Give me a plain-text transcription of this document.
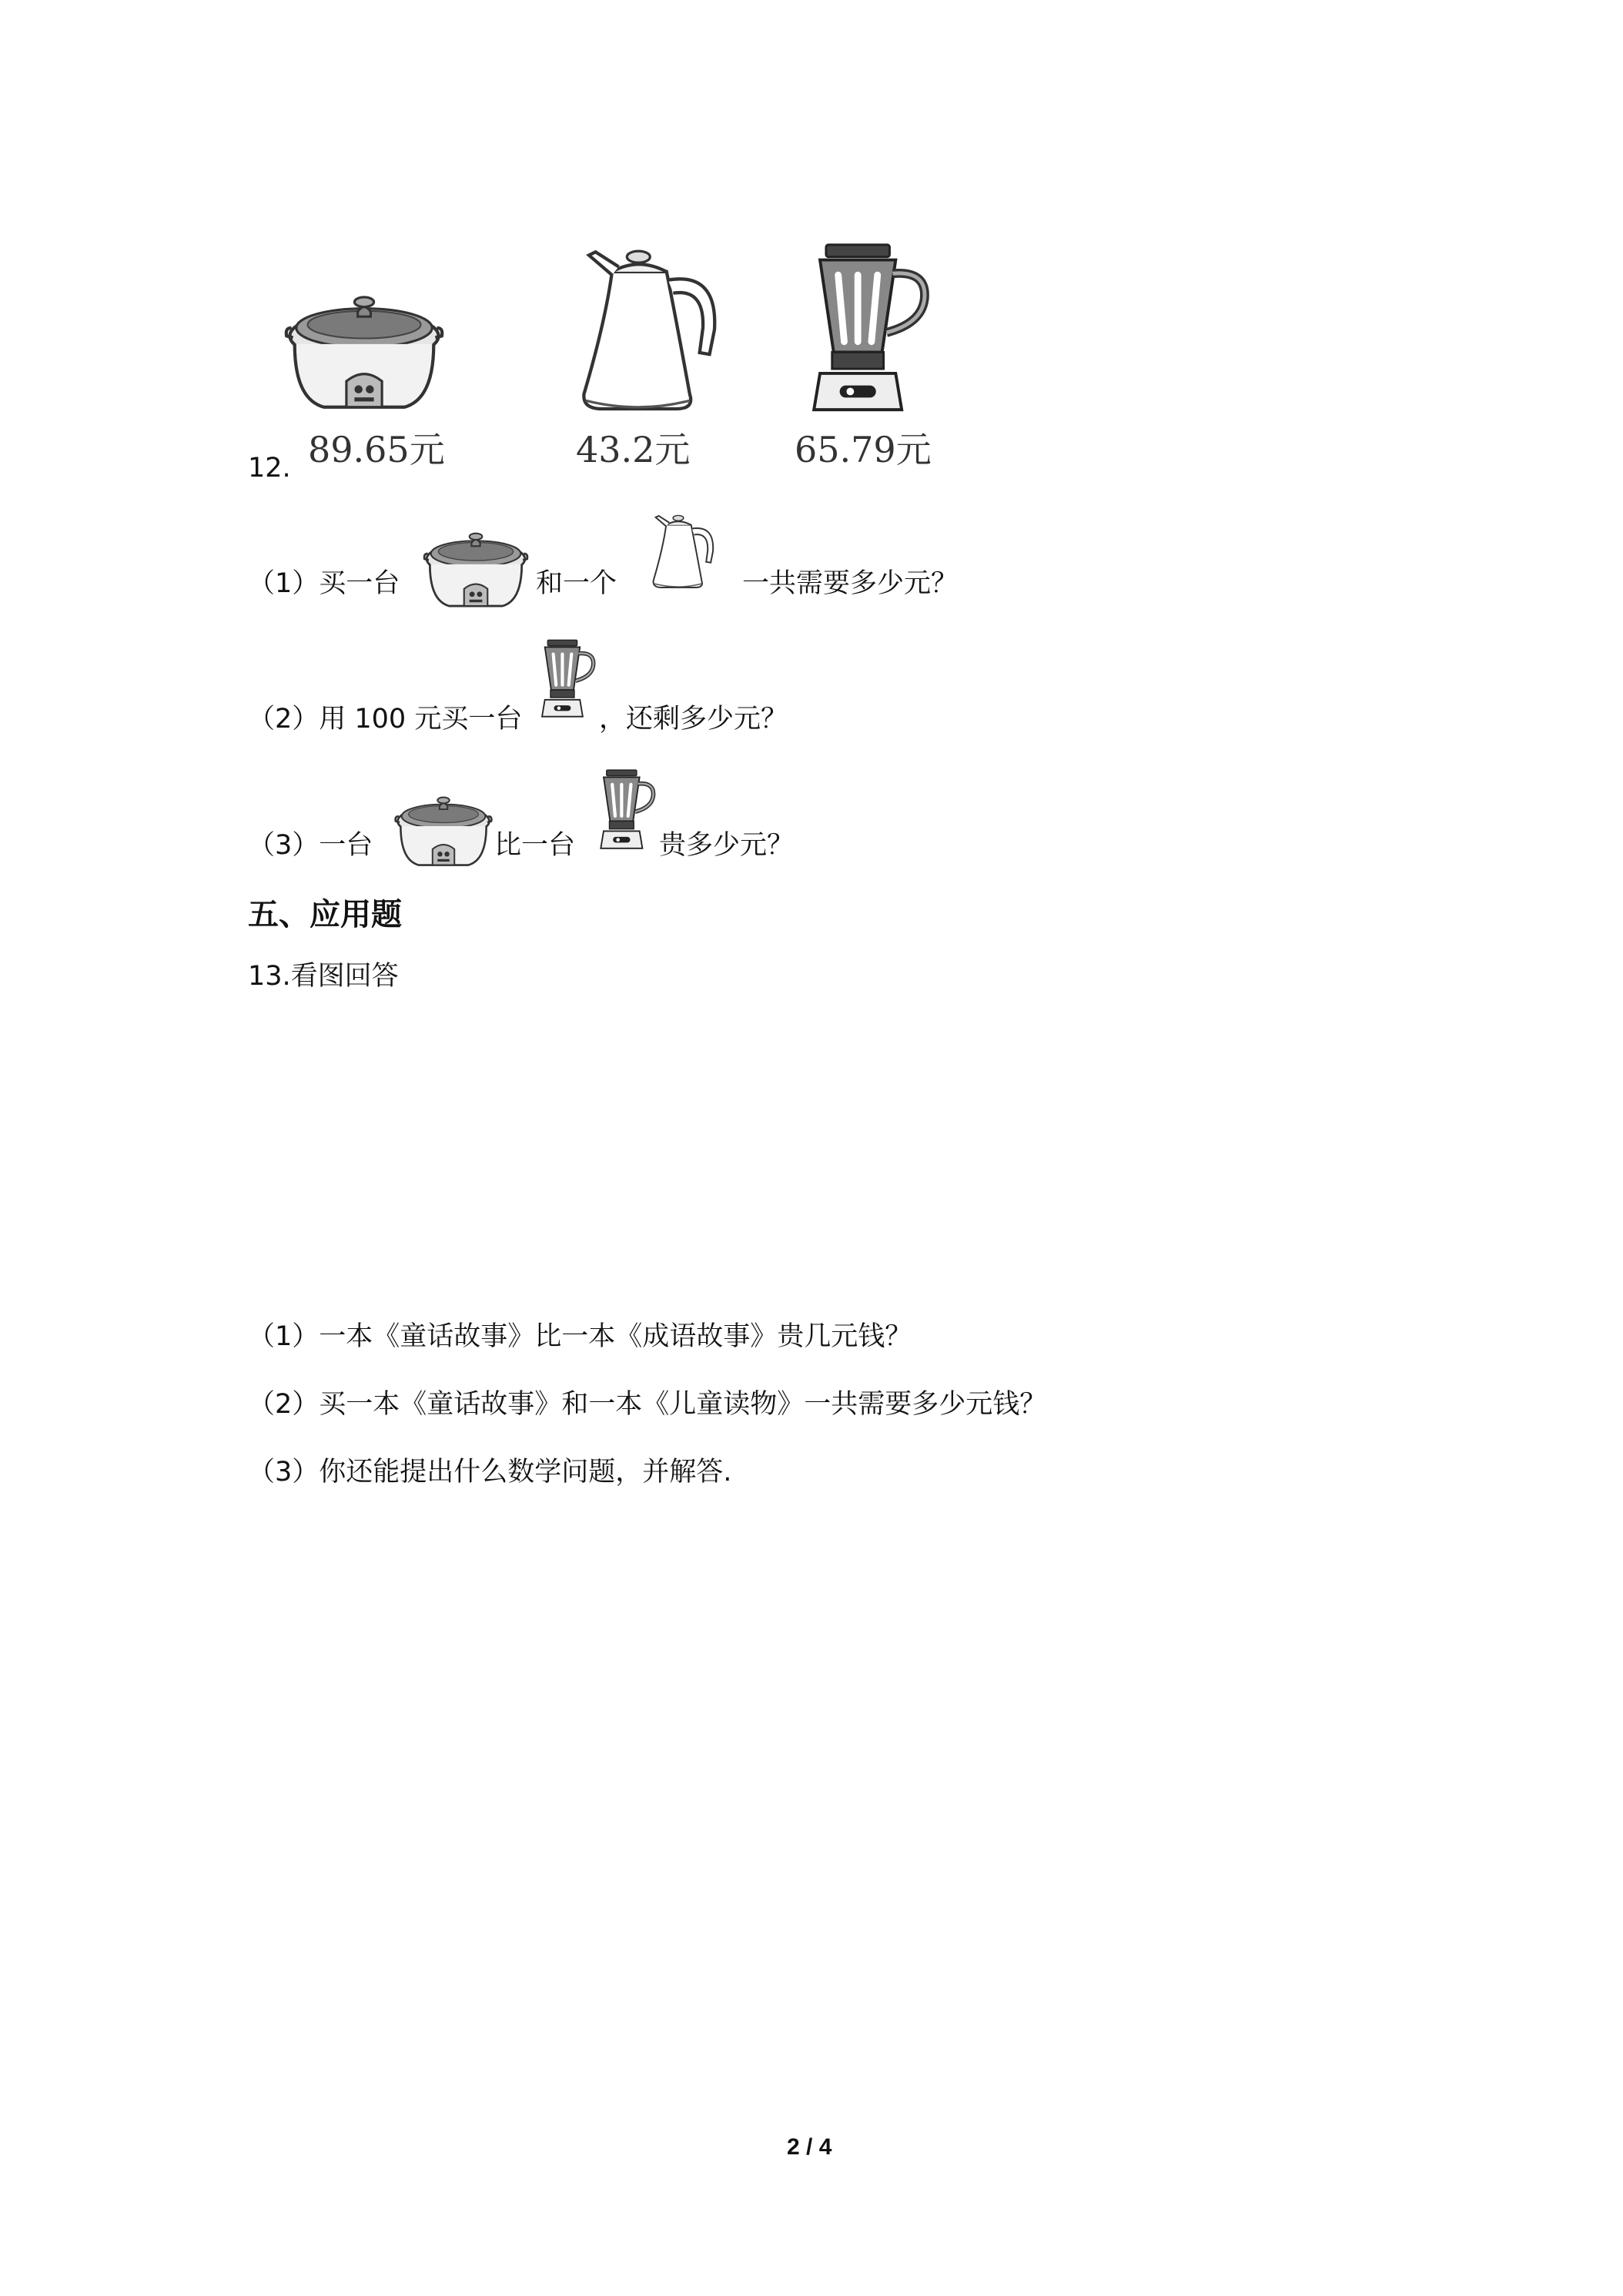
89.65元	43.2元	65.79元
12.
（1）买一台	和一个	一共需要多少元？
（2）用 100 元买一台	，还剩多少元？
（3）一台	比一台	贵多少元？
五、应用题
13.看图回答
（1）一本《童话故事》比一本《成语故事》贵几元钱？
（2）买一本《童话故事》和一本《儿童读物》一共需要多少元钱？
（3）你还能提出什么数学问题，并解答.
2 / 4
